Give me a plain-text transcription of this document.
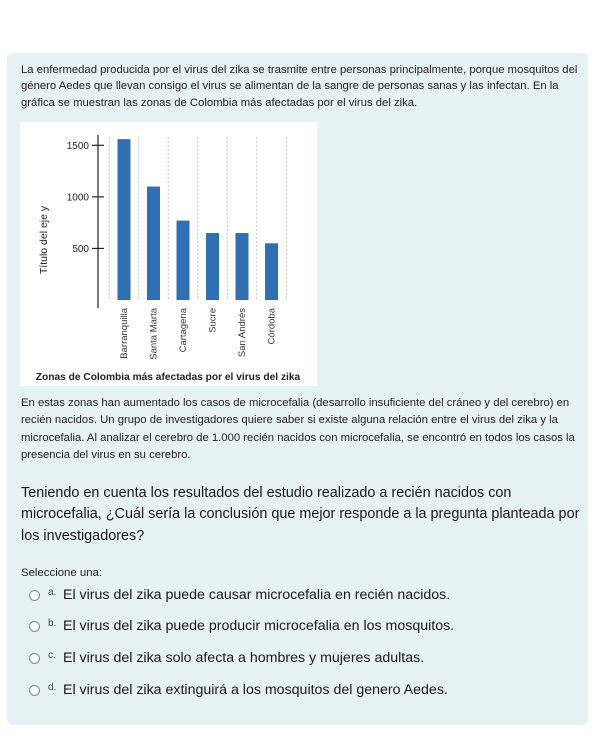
La enfermedad producida por el virus del zika se trasmite entre personas principalmente, porque mosquitos del género Aedes que llevan consigo el virus se alimentan de la sangre de personas sanas y las infectan. En la gráfica se muestran las zonas de Colombia más afectadas por el virus del zika.
Título del eje y
Zonas de Colombia más afectadas por el virus del zika
500
1000
1500
Barranquilla Santa Marta Cartagena Sucre San Andrés Córdoba
En estas zonas han aumentado los casos de microcefalia (desarrollo insuficiente del cráneo y del cerebro) en recién nacidos. Un grupo de investigadores quiere saber si existe alguna relación entre el virus del zika y la microcefalia. Al analizar el cerebro de 1.000 recién nacidos con microcefalia, se encontró en todos los casos la presencia del virus en su cerebro.
Teniendo en cuenta los resultados del estudio realizado a recién nacidos con microcefalia, ¿Cuál sería la conclusión que mejor responde a la pregunta planteada por los investigadores?
Seleccione una:
a. El virus del zika puede causar microcefalia en recién nacidos.
b. El virus del zika puede producir microcefalia en los mosquitos.
c. El virus del zika solo afecta a hombres y mujeres adultas.
d. El virus del zika extinguirá a los mosquitos del genero Aedes.
